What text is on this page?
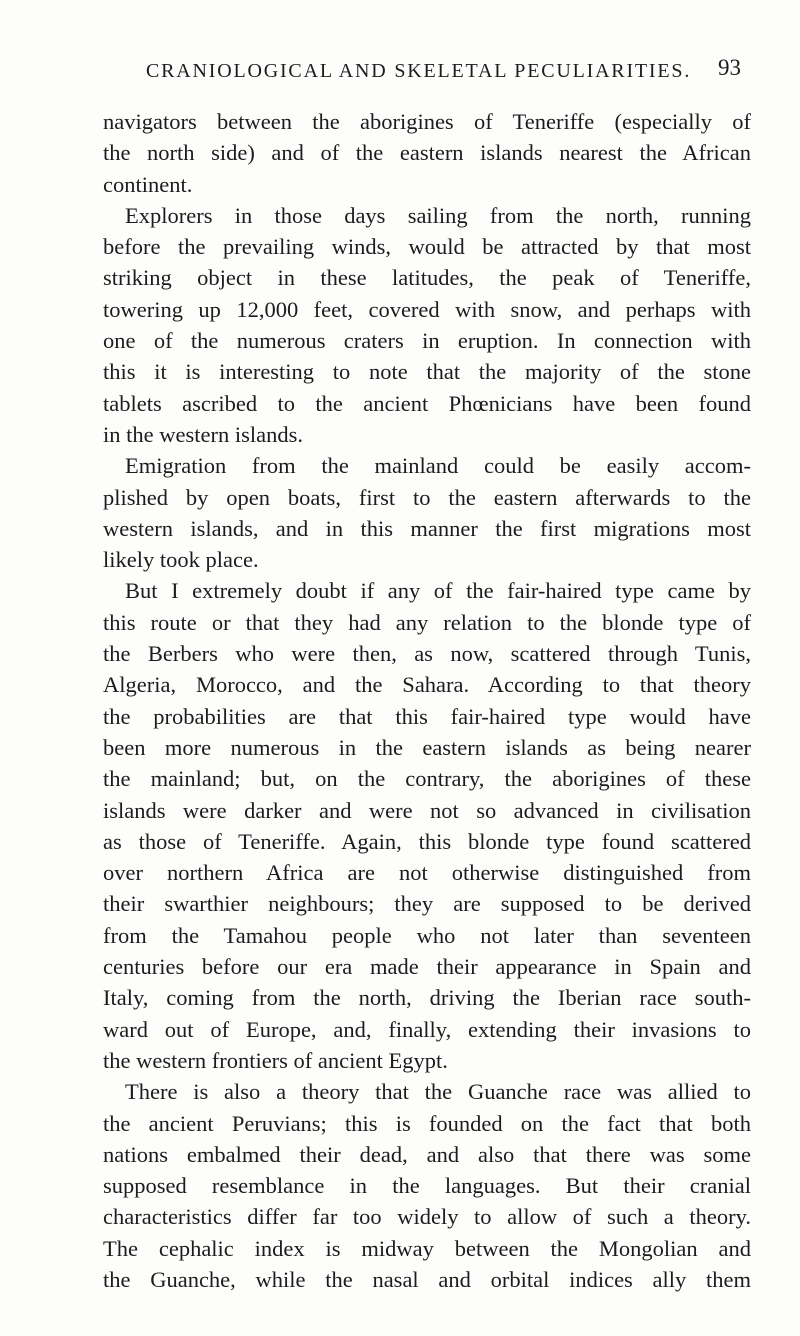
CRANIOLOGICAL AND SKELETAL PECULIARITIES. 93
navigators between the aborigines of Teneriffe (especially of
the north side) and of the eastern islands nearest the African
continent.
Explorers in those days sailing from the north, running
before the prevailing winds, would be attracted by that most
striking object in these latitudes, the peak of Teneriffe,
towering up 12,000 feet, covered with snow, and perhaps with
one of the numerous craters in eruption. In connection with
this it is interesting to note that the majority of the stone
tablets ascribed to the ancient Phœnicians have been found
in the western islands.
Emigration from the mainland could be easily accom-
plished by open boats, first to the eastern afterwards to the
western islands, and in this manner the first migrations most
likely took place.
But I extremely doubt if any of the fair-haired type came by
this route or that they had any relation to the blonde type of
the Berbers who were then, as now, scattered through Tunis,
Algeria, Morocco, and the Sahara. According to that theory
the probabilities are that this fair-haired type would have
been more numerous in the eastern islands as being nearer
the mainland; but, on the contrary, the aborigines of these
islands were darker and were not so advanced in civilisation
as those of Teneriffe. Again, this blonde type found scattered
over northern Africa are not otherwise distinguished from
their swarthier neighbours; they are supposed to be derived
from the Tamahou people who not later than seventeen
centuries before our era made their appearance in Spain and
Italy, coming from the north, driving the Iberian race south-
ward out of Europe, and, finally, extending their invasions to
the western frontiers of ancient Egypt.
There is also a theory that the Guanche race was allied to
the ancient Peruvians; this is founded on the fact that both
nations embalmed their dead, and also that there was some
supposed resemblance in the languages. But their cranial
characteristics differ far too widely to allow of such a theory.
The cephalic index is midway between the Mongolian and
the Guanche, while the nasal and orbital indices ally them
